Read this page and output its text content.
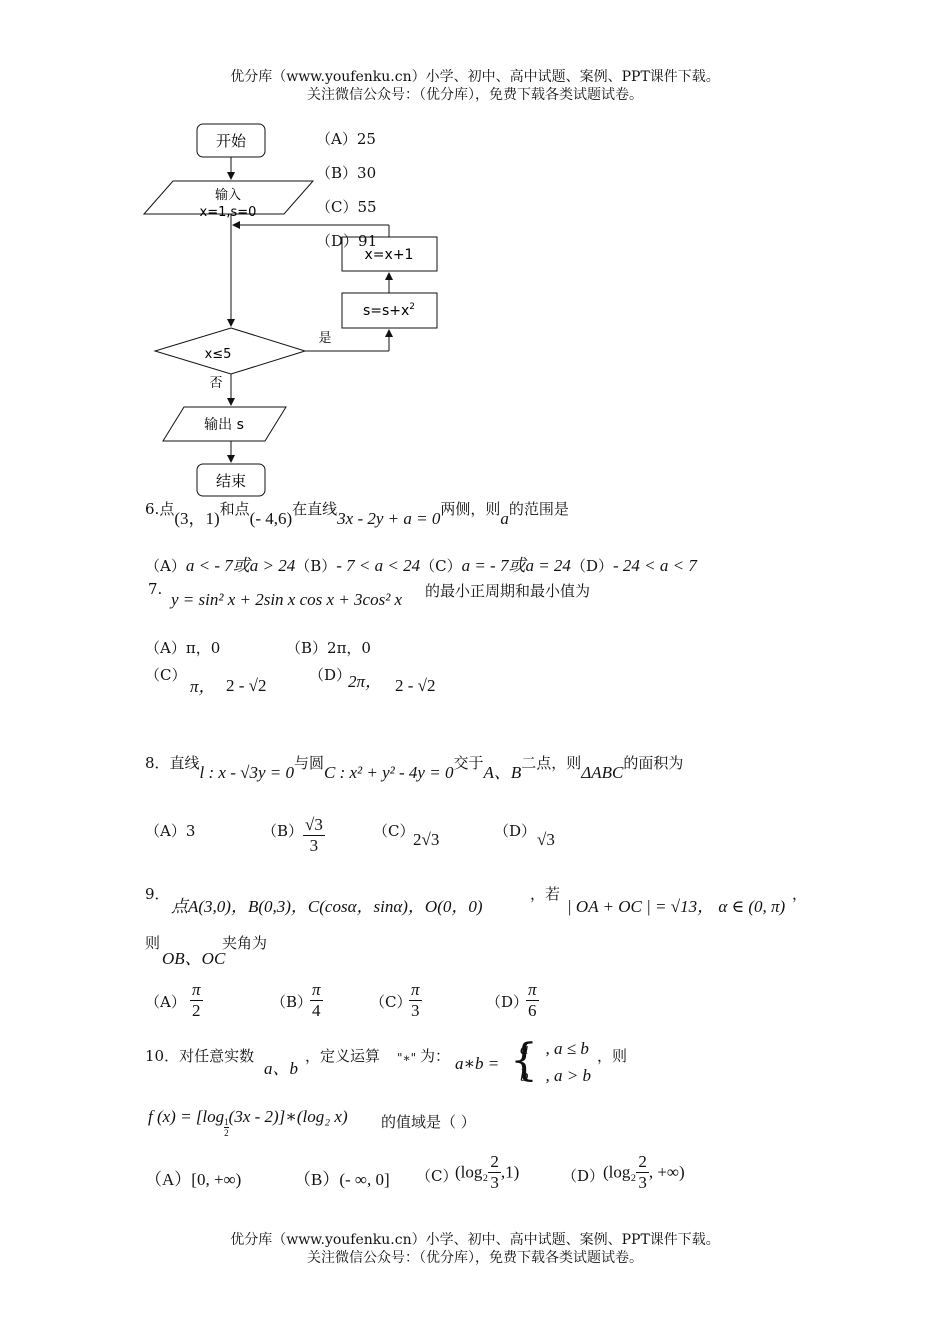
优分库（www.youfenku.cn）小学、初中、高中试题、案例、PPT课件下载。
关注微信公众号：（优分库），免费下载各类试题试卷。
开始
输入
x=1,s=0
x≤5
是
$s=s+x^2$
x=x+1
否
输出 s
结束
（A）25
（B）30
（C）55
（D）91
6.点(3，1)和点(- 4,6)在直线3x - 2y + a = 0两侧，则a的范围是
（A）a < - 7或a > 24（B）- 7 < a < 24（C）a = - 7或a = 24（D）- 24 < a < 7
7.
y = sin² x + 2sin x cos x + 3cos² x 的最小正周期和最小值为
（A）π，0	（B）2π，0
（C）
π， 2 - √2
（D）
2π， 2 - √2
8．直线l : x - √3y = 0与圆C : x² + y² - 4y = 0交于A、B二点，则ΔABC的面积为
（A）3	$(B) \frac{√3}{3}$	（C）
2√3	（D） √3
9．
点A(3,0)，B(0,3)，C(cosα，sinα)，O(0，0)
，若
| OA + OC | = √13， α ∈ (0, π)
，
则
OB、OC
夹角为
$(A) \frac{\pi}{2}$	（B）
$\frac{\pi}{4}$	（C）
$\frac{\pi}{3}$	（D）
$\frac{\pi}{6}$
10．对任意实数
a、b
，定义运算 "∗" 为： a∗b = {
a    , a ≤ b
b    , a > b
，则
f (x) = [log
$\frac{1}{2}$
(3x - 2)]∗(log₂ x) 的值域是（ ）
（A）[0, +∞)	（B）(- ∞, 0] （C）
$(\log_2 \frac{2}{3} ,1)$	（D）
($\log_2 \frac{2}{3}$ , +∞)
优分库（www.youfenku.cn）小学、初中、高中试题、案例、PPT课件下载。
关注微信公众号：（优分库），免费下载各类试题试卷。
